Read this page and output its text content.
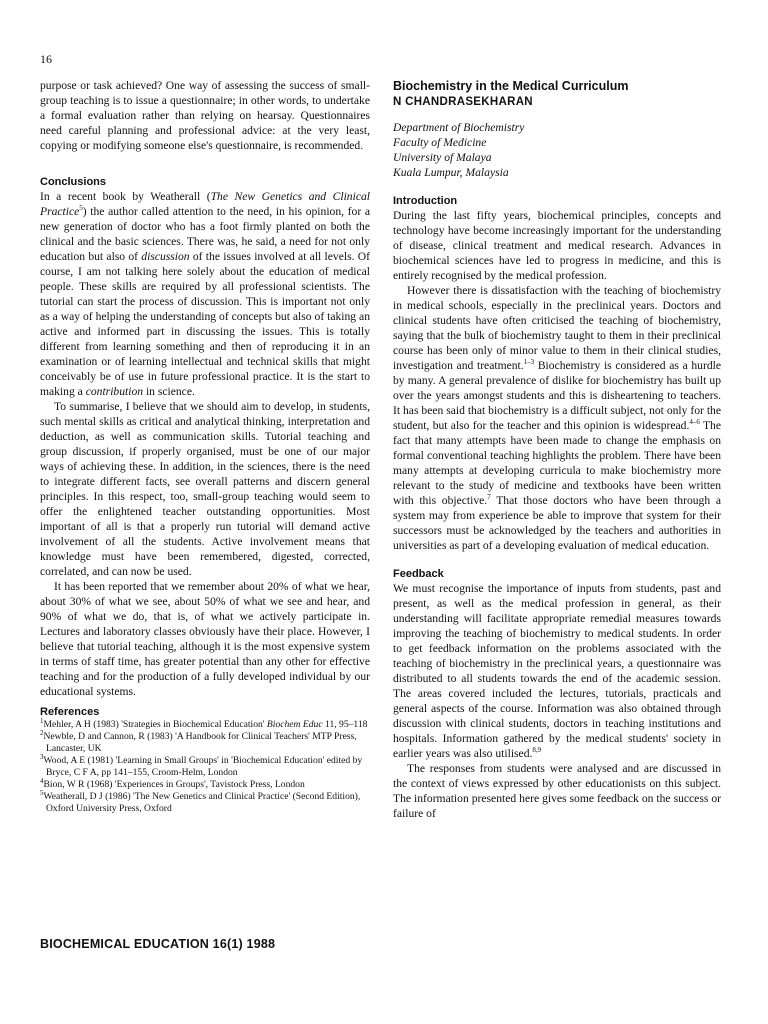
16

purpose or task achieved? One way of assessing the success of small-group teaching is to issue a questionnaire; in other words, to undertake a formal evaluation rather than relying on hearsay. Questionnaires need careful planning and professional advice: at the very least, copying or modifying someone else's questionnaire, is recommended.

Conclusions

In a recent book by Weatherall (The New Genetics and Clinical Practice$^5$) the author called attention to the need, in his opinion, for a new generation of doctor who has a foot firmly planted on both the clinical and the basic sciences. There was, he said, a need for not only education but also of discussion of the issues involved at all levels. Of course, I am not talking here solely about the education of medical people. These skills are required by all professional scientists. The tutorial can start the process of discussion. This is important not only as a way of helping the understanding of concepts but also of taking an active and informed part in discussing the issues. This is totally different from learning something and then of reproducing it in an examination or of learning intellectual and technical skills that might conceivably be of use in future professional practice. It is the start to making a contribution in science.

To summarise, I believe that we should aim to develop, in students, such mental skills as critical and analytical thinking, interpretation and deduction, as well as communication skills. Tutorial teaching and group discussion, if properly organised, must be one of our major ways of achieving these. In addition, in the sciences, there is the need to integrate different facts, see overall patterns and discern general principles. In this respect, too, small-group teaching would seem to offer the enlightened teacher outstanding opportunities. Most important of all is that a properly run tutorial will demand active involvement of all the students. Active involvement means that knowledge must have been remembered, digested, corrected, correlated, and can now be used.

It has been reported that we remember about 20% of what we hear, about 30% of what we see, about 50% of what we see and hear, and 90% of what we do, that is, of what we actively participate in. Lectures and laboratory classes obviously have their place. However, I believe that tutorial teaching, although it is the most expensive system in terms of staff time, has greater potential than any other for effective teaching and for the production of a fully developed individual by our educational systems.

References
$^1$Mehler, A H (1983) 'Strategies in Biochemical Education' Biochem Educ 11, 95–118
$^2$Newble, D and Cannon, R (1983) 'A Handbook for Clinical Teachers' MTP Press, Lancaster, UK
$^3$Wood, A E (1981) 'Learning in Small Groups' in 'Biochemical Education' edited by Bryce, C F A, pp 141–155, Croom-Helm, London
$^4$Bion, W R (1968) 'Experiences in Groups', Tavistock Press, London
$^5$Weatherall, D J (1986) 'The New Genetics and Clinical Practice' (Second Edition), Oxford University Press, Oxford
Biochemistry in the Medical Curriculum
N CHANDRASEKHARAN
Department of Biochemistry
Faculty of Medicine
University of Malaya
Kuala Lumpur, Malaysia
Introduction

During the last fifty years, biochemical principles, concepts and technology have become increasingly important for the understanding of disease, clinical treatment and medical research. Advances in biochemical sciences have led to progress in medicine, and this is entirely recognised by the medical profession.

However there is dissatisfaction with the teaching of biochemistry in medical schools, especially in the preclinical years. Doctors and clinical students have often criticised the teaching of biochemistry, saying that the bulk of biochemistry taught to them in their preclinical course has been only of minor value to them in their clinical studies, investigation and treatment.$^{1-3}$ Biochemistry is considered as a hurdle by many. A general prevalence of dislike for biochemistry has built up over the years amongst students and this is disheartening to teachers. It has been said that biochemistry is a difficult subject, not only for the student, but also for the teacher and this opinion is widespread.$^{4-6}$ The fact that many attempts have been made to change the emphasis on formal conventional teaching highlights the problem. There have been many attempts at developing curricula to make biochemistry more relevant to the study of medicine and textbooks have been written with this objective.$^7$ That those doctors who have been through a system may from experience be able to improve that system for their successors must be acknowledged by the teachers and authorities in universities as part of a developing evaluation of medical education.

Feedback

We must recognise the importance of inputs from students, past and present, as well as the medical profession in general, as their understanding will facilitate appropriate remedial measures towards improving the teaching of biochemistry to medical students. In order to get feedback information on the problems associated with the teaching of biochemistry in the preclinical years, a questionnaire was distributed to all students towards the end of the academic session. The areas covered included the lectures, tutorials, practicals and general aspects of the course. Information was also obtained through discussion with clinical students, doctors in teaching institutions and hospitals. Information gathered by the medical students' society in earlier years was also utilised.$^{8,9}$

The responses from students were analysed and are discussed in the context of views expressed by other educationists on this subject. The information presented here gives some feedback on the success or failure of

BIOCHEMICAL EDUCATION 16(1) 1988
